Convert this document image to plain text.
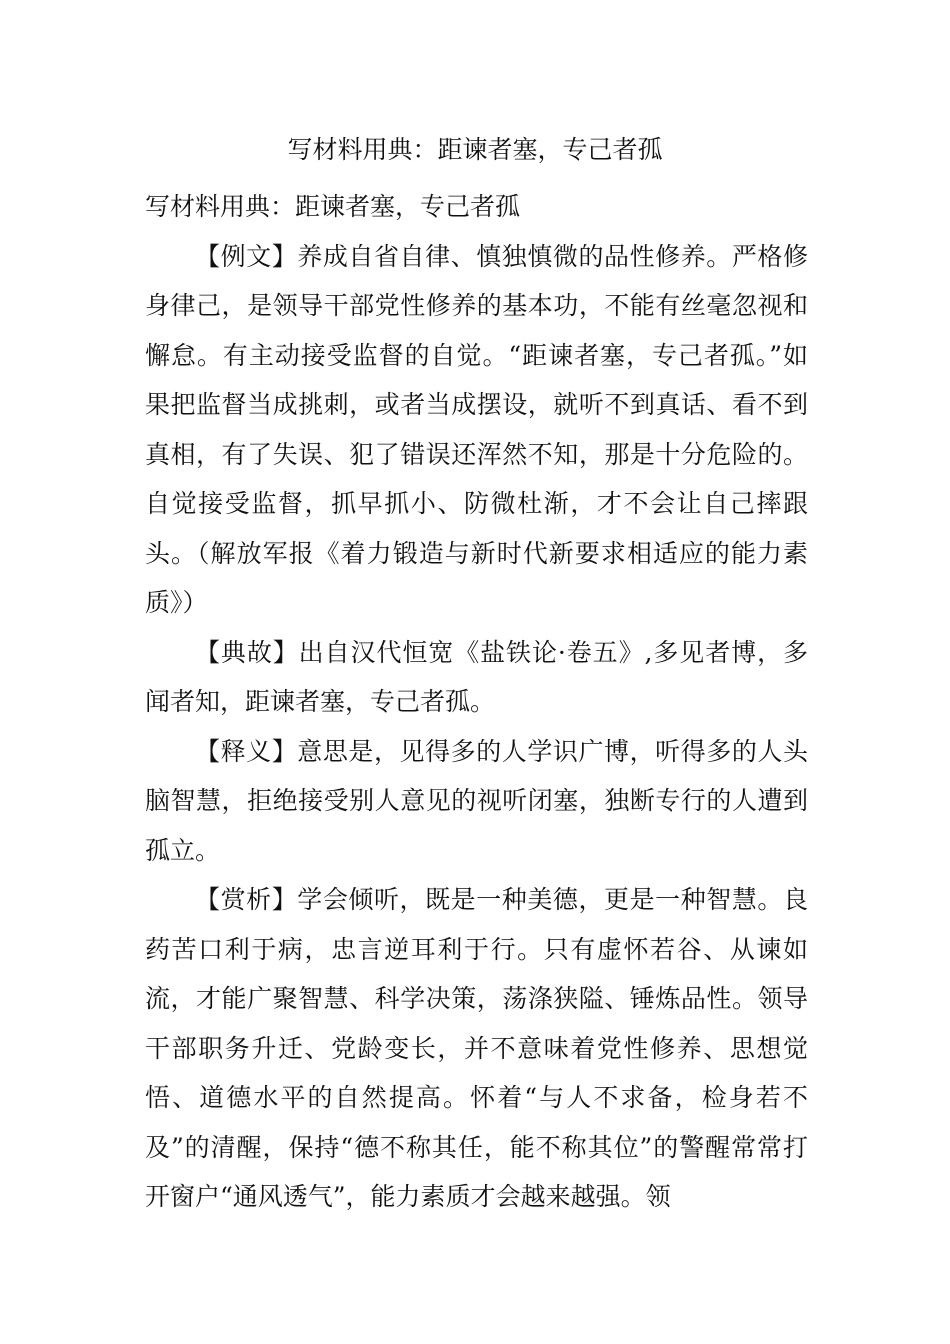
写材料用典：距谏者塞，专己者孤

写材料用典：距谏者塞，专己者孤

【例文】养成自省自律、慎独慎微的品性修养。严格修身律己，是领导干部党性修养的基本功，不能有丝毫忽视和懈怠。有主动接受监督的自觉。“距谏者塞，专己者孤。”如果把监督当成挑刺，或者当成摆设，就听不到真话、看不到真相，有了失误、犯了错误还浑然不知，那是十分危险的。自觉接受监督，抓早抓小、防微杜渐，才不会让自己摔跟头。（解放军报《着力锻造与新时代新要求相适应的能力素质》）

【典故】出自汉代恒宽《盐铁论·卷五》,多见者博，多闻者知，距谏者塞，专己者孤。

【释义】意思是，见得多的人学识广博，听得多的人头脑智慧，拒绝接受别人意见的视听闭塞，独断专行的人遭到孤立。

【赏析】学会倾听，既是一种美德，更是一种智慧。良药苦口利于病，忠言逆耳利于行。只有虚怀若谷、从谏如流，才能广聚智慧、科学决策，荡涤狭隘、锤炼品性。领导干部职务升迁、党龄变长，并不意味着党性修养、思想觉悟、道德水平的自然提高。怀着“与人不求备，检身若不及”的清醒，保持“德不称其任，能不称其位”的警醒常常打开窗户“通风透气”，能力素质才会越来越强。领
